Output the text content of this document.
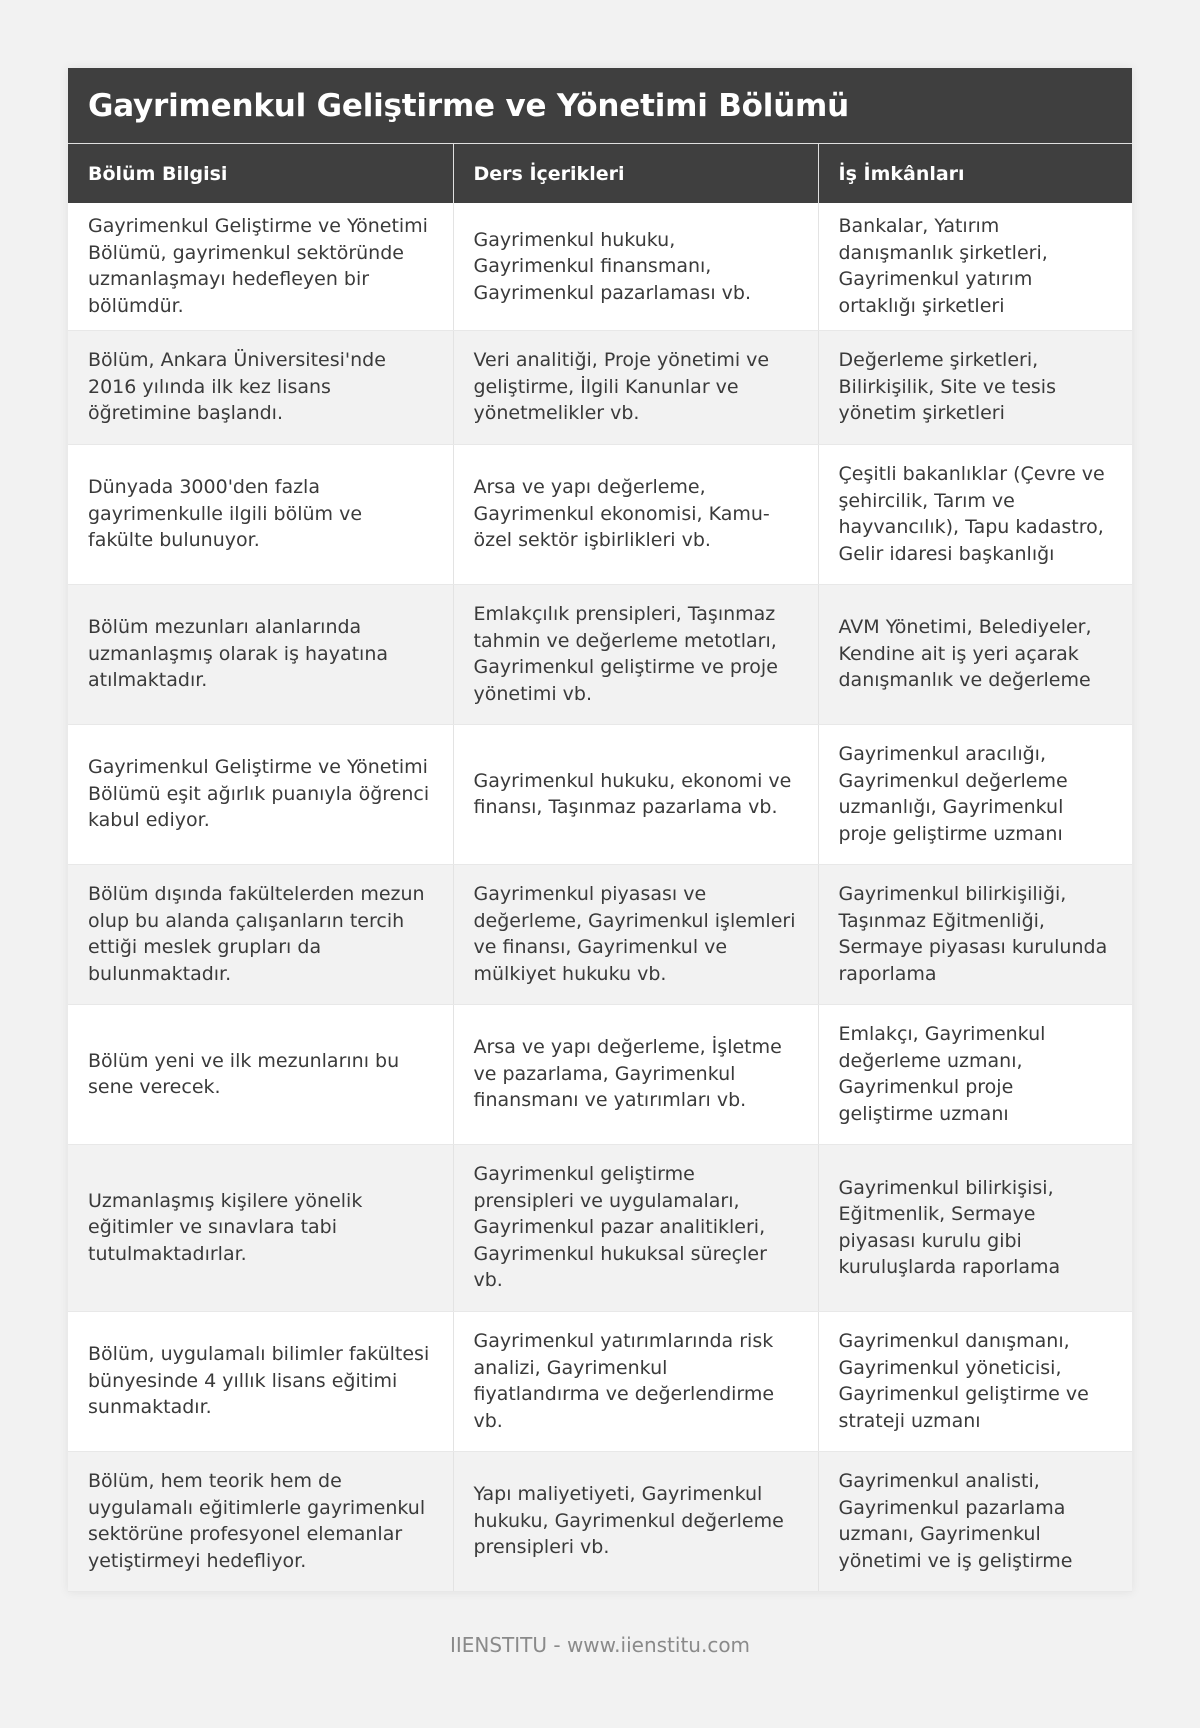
Gayrimenkul Geliştirme ve Yönetimi Bölümü
Bölüm Bilgisi	Ders İçerikleri	İş İmkânları
Gayrimenkul Geliştirme ve Yönetimi Bölümü, gayrimenkul sektöründe uzmanlaşmayı hedefleyen bir bölümdür.	Gayrimenkul hukuku, Gayrimenkul finansmanı, Gayrimenkul pazarlaması vb.	Bankalar, Yatırım danışmanlık şirketleri, Gayrimenkul yatırım ortaklığı şirketleri
Bölüm, Ankara Üniversitesi'nde 2016 yılında ilk kez lisans öğretimine başlandı.	Veri analitiği, Proje yönetimi ve geliştirme, İlgili Kanunlar ve yönetmelikler vb.	Değerleme şirketleri, Bilirkişilik, Site ve tesis yönetim şirketleri
Dünyada 3000'den fazla gayrimenkulle ilgili bölüm ve fakülte bulunuyor.	Arsa ve yapı değerleme, Gayrimenkul ekonomisi, Kamu-özel sektör işbirlikleri vb.	Çeşitli bakanlıklar (Çevre ve şehircilik, Tarım ve hayvancılık), Tapu kadastro, Gelir idaresi başkanlığı
Bölüm mezunları alanlarında uzmanlaşmış olarak iş hayatına atılmaktadır.	Emlakçılık prensipleri, Taşınmaz tahmin ve değerleme metotları, Gayrimenkul geliştirme ve proje yönetimi vb.	AVM Yönetimi, Belediyeler, Kendine ait iş yeri açarak danışmanlık ve değerleme
Gayrimenkul Geliştirme ve Yönetimi Bölümü eşit ağırlık puanıyla öğrenci kabul ediyor.	Gayrimenkul hukuku, ekonomi ve finansı, Taşınmaz pazarlama vb.	Gayrimenkul aracılığı, Gayrimenkul değerleme uzmanlığı, Gayrimenkul proje geliştirme uzmanı
Bölüm dışında fakültelerden mezun olup bu alanda çalışanların tercih ettiği meslek grupları da bulunmaktadır.	Gayrimenkul piyasası ve değerleme, Gayrimenkul işlemleri ve finansı, Gayrimenkul ve mülkiyet hukuku vb.	Gayrimenkul bilirkişiliği, Taşınmaz Eğitmenliği, Sermaye piyasası kurulunda raporlama
Bölüm yeni ve ilk mezunlarını bu sene verecek.	Arsa ve yapı değerleme, İşletme ve pazarlama, Gayrimenkul finansmanı ve yatırımları vb.	Emlakçı, Gayrimenkul değerleme uzmanı, Gayrimenkul proje geliştirme uzmanı
Uzmanlaşmış kişilere yönelik eğitimler ve sınavlara tabi tutulmaktadırlar.	Gayrimenkul geliştirme prensipleri ve uygulamaları, Gayrimenkul pazar analitikleri, Gayrimenkul hukuksal süreçler vb.	Gayrimenkul bilirkişisi, Eğitmenlik, Sermaye piyasası kurulu gibi kuruluşlarda raporlama
Bölüm, uygulamalı bilimler fakültesi bünyesinde 4 yıllık lisans eğitimi sunmaktadır.	Gayrimenkul yatırımlarında risk analizi, Gayrimenkul fiyatlandırma ve değerlendirme vb.	Gayrimenkul danışmanı, Gayrimenkul yöneticisi, Gayrimenkul geliştirme ve strateji uzmanı
Bölüm, hem teorik hem de uygulamalı eğitimlerle gayrimenkul sektörüne profesyonel elemanlar yetiştirmeyi hedefliyor.	Yapı maliyetiyeti, Gayrimenkul hukuku, Gayrimenkul değerleme prensipleri vb.	Gayrimenkul analisti, Gayrimenkul pazarlama uzmanı, Gayrimenkul yönetimi ve iş geliştirme
IIENSTITU - www.iienstitu.com
